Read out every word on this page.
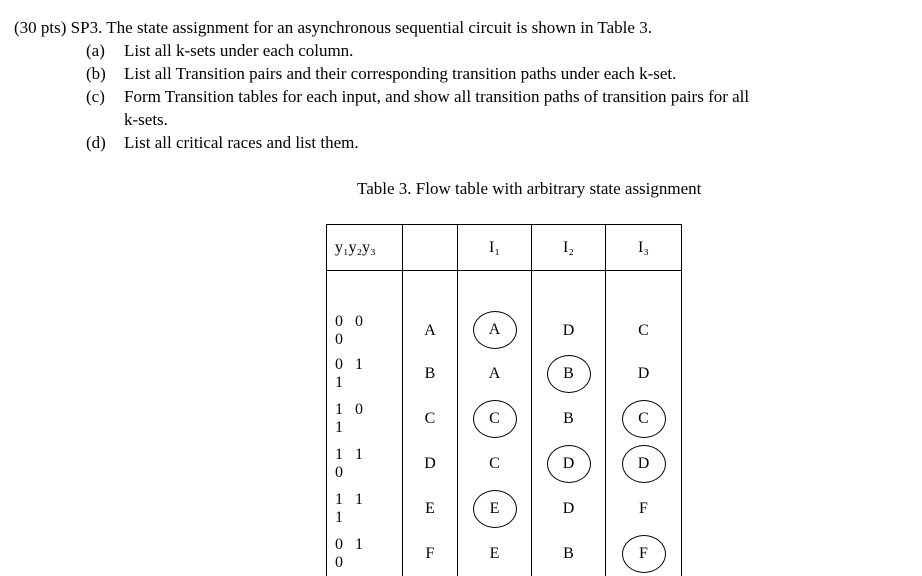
(30 pts) SP3. The state assignment for an asynchronous sequential circuit is shown in Table 3.
(a) List all k-sets under each column.
(b) List all Transition pairs and their corresponding transition paths under each k-set.
(c) Form Transition tables for each input, and show all transition paths of transition pairs for all
k-sets.
(d) List all critical races and list them.
Table 3. Flow table with arbitrary state assignment
y₁y₂y₃		I₁	I₂	I₃

0 0 0	A	A	D	C

0 1 1	B	A	B	D
1 0 1	C	C	B	C
1 1 0	D	C	D	D
1 1 1	E	E	D	F
0 1 0	F	E	B	F
